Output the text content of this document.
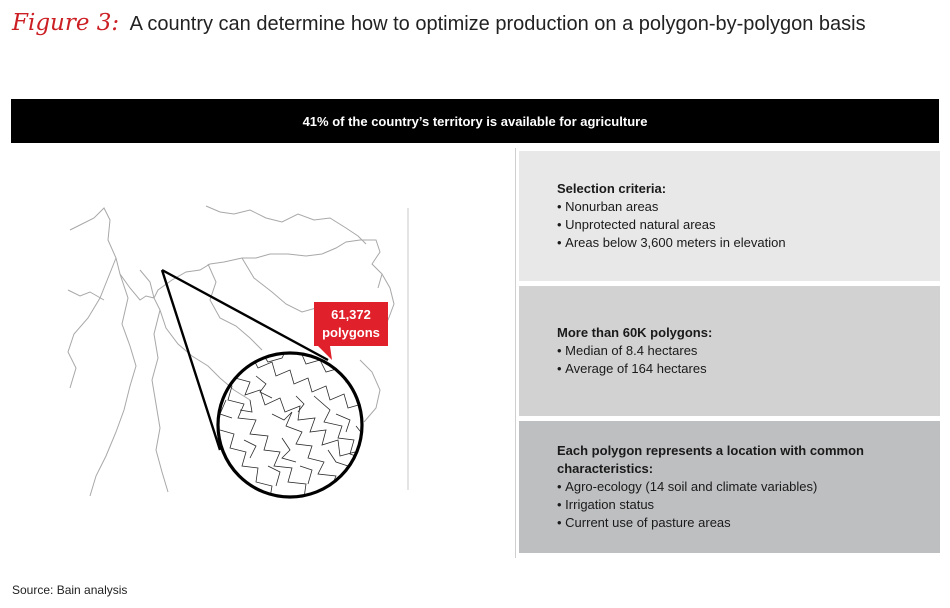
Figure 3: A country can determine how to optimize production on a polygon-by-polygon basis
41% of the country’s territory is available for agriculture
61,372
polygons
Selection criteria:
• Nonurban areas
• Unprotected natural areas
• Areas below 3,600 meters in elevation
More than 60K polygons:
• Median of 8.4 hectares
• Average of 164 hectares
Each polygon represents a location with common characteristics:
• Agro-ecology (14 soil and climate variables)
• Irrigation status
• Current use of pasture areas
Source: Bain analysis
